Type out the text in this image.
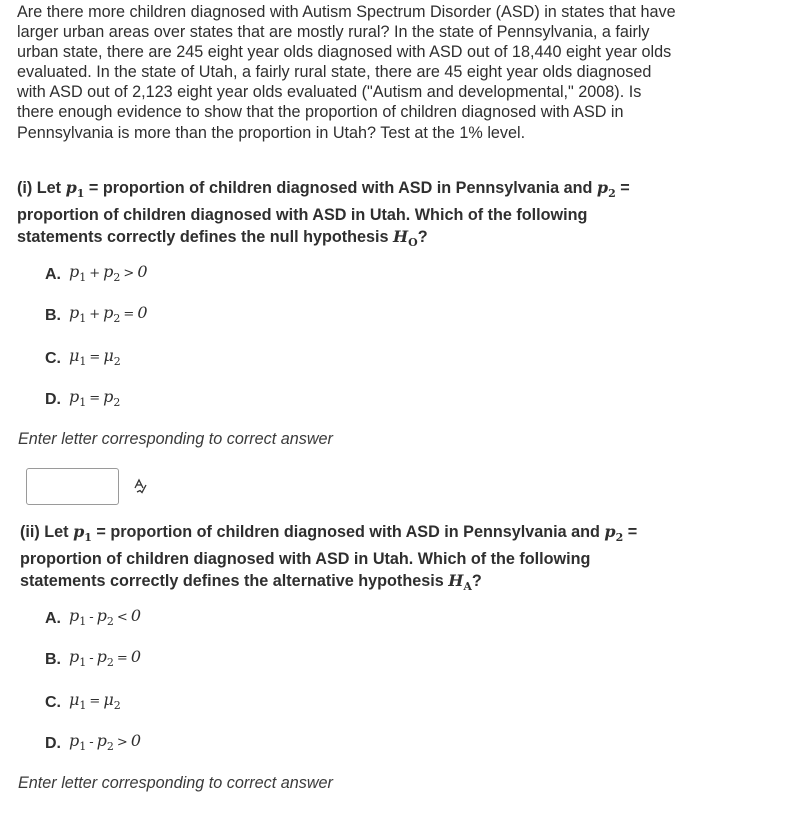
Are there more children diagnosed with Autism Spectrum Disorder (ASD) in states that have larger urban areas over states that are mostly rural? In the state of Pennsylvania, a fairly urban state, there are 245 eight year olds diagnosed with ASD out of 18,440 eight year olds evaluated. In the state of Utah, a fairly rural state, there are 45 eight year olds diagnosed with ASD out of 2,123 eight year olds evaluated ("Autism and developmental," 2008). Is there enough evidence to show that the proportion of children diagnosed with ASD in Pennsylvania is more than the proportion in Utah? Test at the 1% level.
(i) Let $p_1$ = proportion of children diagnosed with ASD in Pennsylvania and $p_2$ =
proportion of children diagnosed with ASD in Utah. Which of the following
statements correctly defines the null hypothesis $H_O$?
A. $p_1 + p_2 > 0$
B. $p_1 + p_2 = 0$
C. $\mu_1 = \mu_2$
D. $p_1 = p_2$
Enter letter corresponding to correct answer
(ii) Let $p_1$ = proportion of children diagnosed with ASD in Pennsylvania and $p_2$ =
proportion of children diagnosed with ASD in Utah. Which of the following
statements correctly defines the alternative hypothesis $H_A$?
A. $p_1 - p_2 < 0$
B. $p_1 - p_2 = 0$
C. $\mu_1 = \mu_2$
D. $p_1 - p_2 > 0$
Enter letter corresponding to correct answer
